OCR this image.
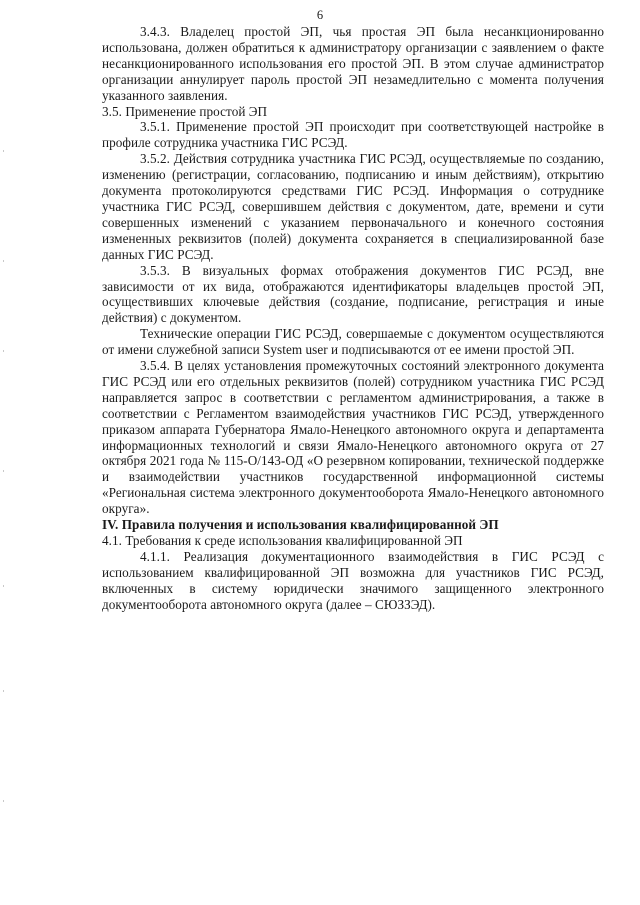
6

3.4.3. Владелец простой ЭП, чья простая ЭП была несанкционированно использована, должен обратиться к администратору организации с заявлением о факте несанкционированного использования его простой ЭП. В этом случае администратор организации аннулирует пароль простой ЭП незамедлительно с момента получения указанного заявления.

3.5. Применение простой ЭП

3.5.1. Применение простой ЭП происходит при соответствующей настройке в профиле сотрудника участника ГИС РСЭД.

3.5.2. Действия сотрудника участника ГИС РСЭД, осуществляемые по созданию, изменению (регистрации, согласованию, подписанию и иным действиям), открытию документа протоколируются средствами ГИС РСЭД. Информация о сотруднике участника ГИС РСЭД, совершившем действия с документом, дате, времени и сути совершенных изменений с указанием первоначального и конечного состояния измененных реквизитов (полей) документа сохраняется в специализированной базе данных ГИС РСЭД.

3.5.3. В визуальных формах отображения документов ГИС РСЭД, вне зависимости от их вида, отображаются идентификаторы владельцев простой ЭП, осуществивших ключевые действия (создание, подписание, регистрация и иные действия) с документом.

Технические операции ГИС РСЭД, совершаемые с документом осуществляются от имени служебной записи System user и подписываются от ее имени простой ЭП.

3.5.4. В целях установления промежуточных состояний электронного документа ГИС РСЭД или его отдельных реквизитов (полей) сотрудником участника ГИС РСЭД направляется запрос в соответствии с регламентом администрирования, а также в соответствии с Регламентом взаимодействия участников ГИС РСЭД, утвержденного приказом аппарата Губернатора Ямало-Ненецкого автономного округа и департамента информационных технологий и связи Ямало-Ненецкого автономного округа от 27 октября 2021 года № 115-О/143-ОД «О резервном копировании, технической поддержке и взаимодействии участников государственной информационной системы «Региональная система электронного документооборота Ямало-Ненецкого автономного округа».

IV. Правила получения и использования квалифицированной ЭП

4.1. Требования к среде использования квалифицированной ЭП

4.1.1. Реализация документационного взаимодействия в ГИС РСЭД с использованием квалифицированной ЭП возможна для участников ГИС РСЭД, включенных в систему юридически значимого защищенного электронного документооборота автономного округа (далее – СЮЗЗЭД).
